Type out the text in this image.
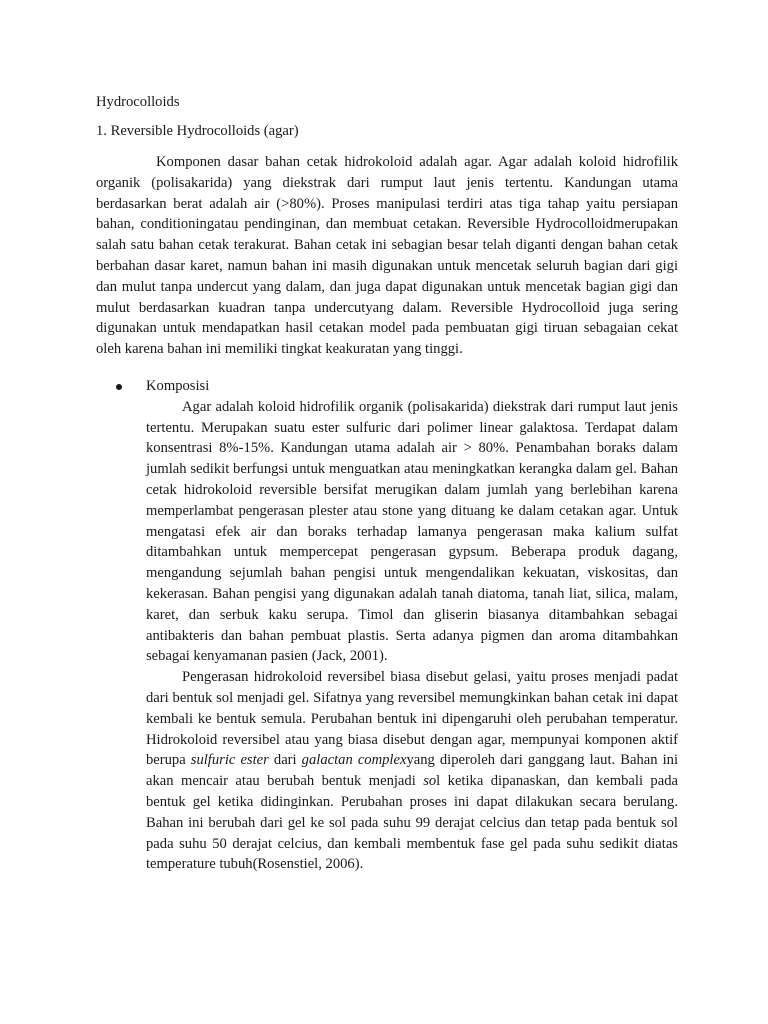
Hydrocolloids
1. Reversible Hydrocolloids (agar)

Komponen dasar bahan cetak hidrokoloid adalah agar. Agar adalah koloid hidrofilik organik (polisakarida) yang diekstrak dari rumput laut jenis tertentu. Kandungan utama berdasarkan berat adalah air (>80%). Proses manipulasi terdiri atas tiga tahap yaitu persiapan bahan, conditioningatau pendinginan, dan membuat cetakan. Reversible Hydrocolloidmerupakan salah satu bahan cetak terakurat. Bahan cetak ini sebagian besar telah diganti dengan bahan cetak berbahan dasar karet, namun bahan ini masih digunakan untuk mencetak seluruh bagian dari gigi dan mulut tanpa undercut yang dalam, dan juga dapat digunakan untuk mencetak bagian gigi dan mulut berdasarkan kuadran tanpa undercutyang dalam. Reversible Hydrocolloid juga sering digunakan untuk mendapatkan hasil cetakan model pada pembuatan gigi tiruan sebagaian cekat oleh karena bahan ini memiliki tingkat keakuratan yang tinggi.

Komposisi

Agar adalah koloid hidrofilik organik (polisakarida) diekstrak dari rumput laut jenis tertentu. Merupakan suatu ester sulfuric dari polimer linear galaktosa. Terdapat dalam konsentrasi 8%-15%. Kandungan utama adalah air > 80%. Penambahan boraks dalam jumlah sedikit berfungsi untuk menguatkan atau meningkatkan kerangka dalam gel. Bahan cetak hidrokoloid reversible bersifat merugikan dalam jumlah yang berlebihan karena memperlambat pengerasan plester atau stone yang dituang ke dalam cetakan agar. Untuk mengatasi efek air dan boraks terhadap lamanya pengerasan maka kalium sulfat ditambahkan untuk mempercepat pengerasan gypsum. Beberapa produk dagang, mengandung sejumlah bahan pengisi untuk mengendalikan kekuatan, viskositas, dan kekerasan. Bahan pengisi yang digunakan adalah tanah diatoma, tanah liat, silica, malam, karet, dan serbuk kaku serupa. Timol dan gliserin biasanya ditambahkan sebagai antibakteris dan bahan pembuat plastis. Serta adanya pigmen dan aroma ditambahkan sebagai kenyamanan pasien (Jack, 2001).

Pengerasan hidrokoloid reversibel biasa disebut gelasi, yaitu proses menjadi padat dari bentuk sol menjadi gel. Sifatnya yang reversibel memungkinkan bahan cetak ini dapat kembali ke bentuk semula. Perubahan bentuk ini dipengaruhi oleh perubahan temperatur. Hidrokoloid reversibel atau yang biasa disebut dengan agar, mempunyai komponen aktif berupa sulfuric ester dari galactan complexyang diperoleh dari ganggang laut. Bahan ini akan mencair atau berubah bentuk menjadi sol ketika dipanaskan, dan kembali pada bentuk gel ketika didinginkan. Perubahan proses ini dapat dilakukan secara berulang. Bahan ini berubah dari gel ke sol pada suhu 99 derajat celcius dan tetap pada bentuk sol pada suhu 50 derajat celcius, dan kembali membentuk fase gel pada suhu sedikit diatas temperature tubuh(Rosenstiel, 2006).
